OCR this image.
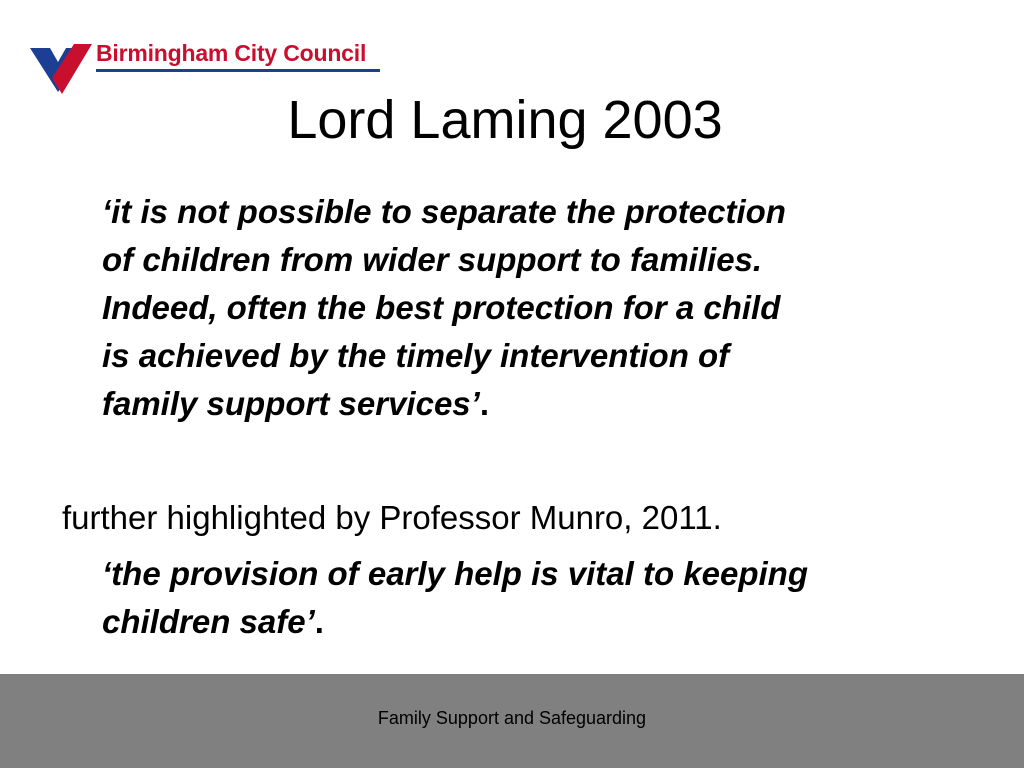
Birmingham City Council
Lord Laming 2003
‘it is not possible to separate the protection
of children from wider support to families.
Indeed, often the best protection for a child
is achieved by the timely intervention of
family support services’.
further highlighted by Professor Munro, 2011.
‘the provision of early help is vital to keeping
children safe’.
Family Support and Safeguarding
